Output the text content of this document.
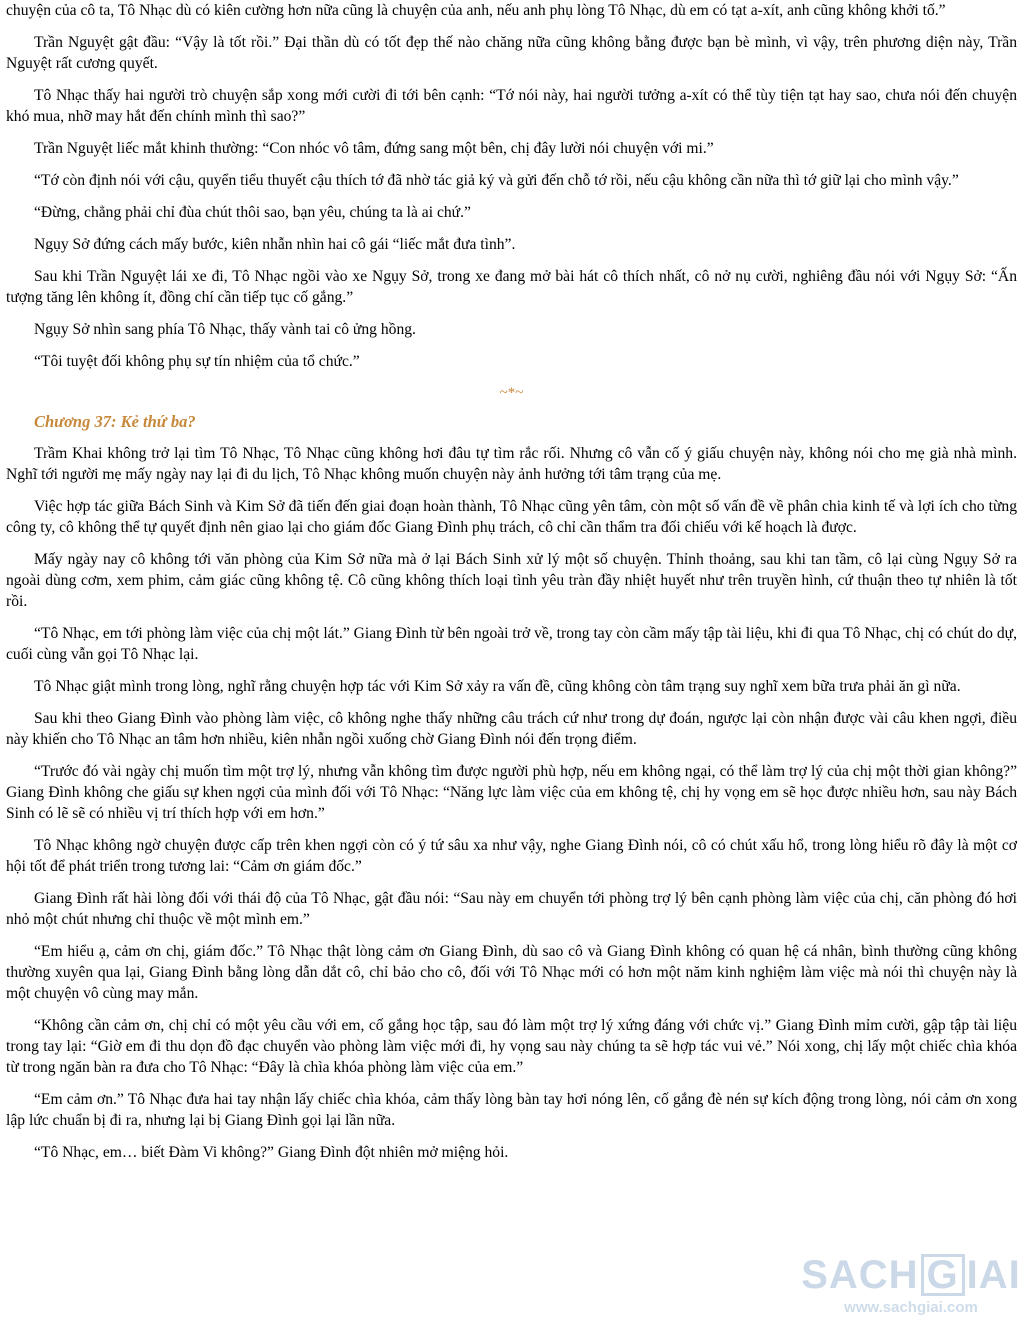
chuyện của cô ta, Tô Nhạc dù có kiên cường hơn nữa cũng là chuyện của anh, nếu anh phụ lòng Tô Nhạc, dù em có tạt a-xít, anh cũng không khởi tố.”

Trần Nguyệt gật đầu: “Vậy là tốt rồi.” Đại thần dù có tốt đẹp thế nào chăng nữa cũng không bằng được bạn bè mình, vì vậy, trên phương diện này, Trần Nguyệt rất cương quyết.

Tô Nhạc thấy hai người trò chuyện sắp xong mới cười đi tới bên cạnh: “Tớ nói này, hai người tưởng a-xít có thể tùy tiện tạt hay sao, chưa nói đến chuyện khó mua, nhỡ may hắt đến chính mình thì sao?”

Trần Nguyệt liếc mắt khinh thường: “Con nhóc vô tâm, đứng sang một bên, chị đây lười nói chuyện với mi.”

“Tớ còn định nói với cậu, quyển tiểu thuyết cậu thích tớ đã nhờ tác giả ký và gửi đến chỗ tớ rồi, nếu cậu không cần nữa thì tớ giữ lại cho mình vậy.”

“Đừng, chẳng phải chỉ đùa chút thôi sao, bạn yêu, chúng ta là ai chứ.”

Ngụy Sở đứng cách mấy bước, kiên nhẫn nhìn hai cô gái “liếc mắt đưa tình”.

Sau khi Trần Nguyệt lái xe đi, Tô Nhạc ngồi vào xe Ngụy Sở, trong xe đang mở bài hát cô thích nhất, cô nở nụ cười, nghiêng đầu nói với Ngụy Sở: “Ấn tượng tăng lên không ít, đồng chí cần tiếp tục cố gắng.”

Ngụy Sở nhìn sang phía Tô Nhạc, thấy vành tai cô ửng hồng.

“Tôi tuyệt đối không phụ sự tín nhiệm của tổ chức.”

~*~
Chương 37: Kẻ thứ ba?

Trầm Khai không trở lại tìm Tô Nhạc, Tô Nhạc cũng không hơi đâu tự tìm rắc rối. Nhưng cô vẫn cố ý giấu chuyện này, không nói cho mẹ già nhà mình. Nghĩ tới người mẹ mấy ngày nay lại đi du lịch, Tô Nhạc không muốn chuyện này ảnh hưởng tới tâm trạng của mẹ.

Việc hợp tác giữa Bách Sinh và Kim Sở đã tiến đến giai đoạn hoàn thành, Tô Nhạc cũng yên tâm, còn một số vấn đề về phân chia kinh tế và lợi ích cho từng công ty, cô không thể tự quyết định nên giao lại cho giám đốc Giang Đình phụ trách, cô chỉ cần thẩm tra đối chiếu với kế hoạch là được.

Mấy ngày nay cô không tới văn phòng của Kim Sở nữa mà ở lại Bách Sinh xử lý một số chuyện. Thỉnh thoảng, sau khi tan tầm, cô lại cùng Ngụy Sở ra ngoài dùng cơm, xem phim, cảm giác cũng không tệ. Cô cũng không thích loại tình yêu tràn đầy nhiệt huyết như trên truyền hình, cứ thuận theo tự nhiên là tốt rồi.

“Tô Nhạc, em tới phòng làm việc của chị một lát.” Giang Đình từ bên ngoài trở về, trong tay còn cầm mấy tập tài liệu, khi đi qua Tô Nhạc, chị có chút do dự, cuối cùng vẫn gọi Tô Nhạc lại.

Tô Nhạc giật mình trong lòng, nghĩ rằng chuyện hợp tác với Kim Sở xảy ra vấn đề, cũng không còn tâm trạng suy nghĩ xem bữa trưa phải ăn gì nữa.

Sau khi theo Giang Đình vào phòng làm việc, cô không nghe thấy những câu trách cứ như trong dự đoán, ngược lại còn nhận được vài câu khen ngợi, điều này khiến cho Tô Nhạc an tâm hơn nhiều, kiên nhẫn ngồi xuống chờ Giang Đình nói đến trọng điểm.

“Trước đó vài ngày chị muốn tìm một trợ lý, nhưng vẫn không tìm được người phù hợp, nếu em không ngại, có thể làm trợ lý của chị một thời gian không?” Giang Đình không che giấu sự khen ngợi của mình đối với Tô Nhạc: “Năng lực làm việc của em không tệ, chị hy vọng em sẽ học được nhiều hơn, sau này Bách Sinh có lẽ sẽ có nhiều vị trí thích hợp với em hơn.”

Tô Nhạc không ngờ chuyện được cấp trên khen ngợi còn có ý tứ sâu xa như vậy, nghe Giang Đình nói, cô có chút xấu hổ, trong lòng hiểu rõ đây là một cơ hội tốt để phát triển trong tương lai: “Cảm ơn giám đốc.”

Giang Đình rất hài lòng đối với thái độ của Tô Nhạc, gật đầu nói: “Sau này em chuyển tới phòng trợ lý bên cạnh phòng làm việc của chị, căn phòng đó hơi nhỏ một chút nhưng chỉ thuộc về một mình em.”

“Em hiểu ạ, cảm ơn chị, giám đốc.” Tô Nhạc thật lòng cảm ơn Giang Đình, dù sao cô và Giang Đình không có quan hệ cá nhân, bình thường cũng không thường xuyên qua lại, Giang Đình bằng lòng dẫn dắt cô, chỉ bảo cho cô, đối với Tô Nhạc mới có hơn một năm kinh nghiệm làm việc mà nói thì chuyện này là một chuyện vô cùng may mắn.

“Không cần cảm ơn, chị chỉ có một yêu cầu với em, cố gắng học tập, sau đó làm một trợ lý xứng đáng với chức vị.” Giang Đình mỉm cười, gập tập tài liệu trong tay lại: “Giờ em đi thu dọn đồ đạc chuyển vào phòng làm việc mới đi, hy vọng sau này chúng ta sẽ hợp tác vui vẻ.” Nói xong, chị lấy một chiếc chìa khóa từ trong ngăn bàn ra đưa cho Tô Nhạc: “Đây là chìa khóa phòng làm việc của em.”

“Em cảm ơn.” Tô Nhạc đưa hai tay nhận lấy chiếc chìa khóa, cảm thấy lòng bàn tay hơi nóng lên, cố gắng đè nén sự kích động trong lòng, nói cảm ơn xong lập lức chuẩn bị đi ra, nhưng lại bị Giang Đình gọi lại lần nữa.

“Tô Nhạc, em… biết Đàm Vi không?” Giang Đình đột nhiên mở miệng hỏi.

SACH G IAI
www.sachgiai.com
